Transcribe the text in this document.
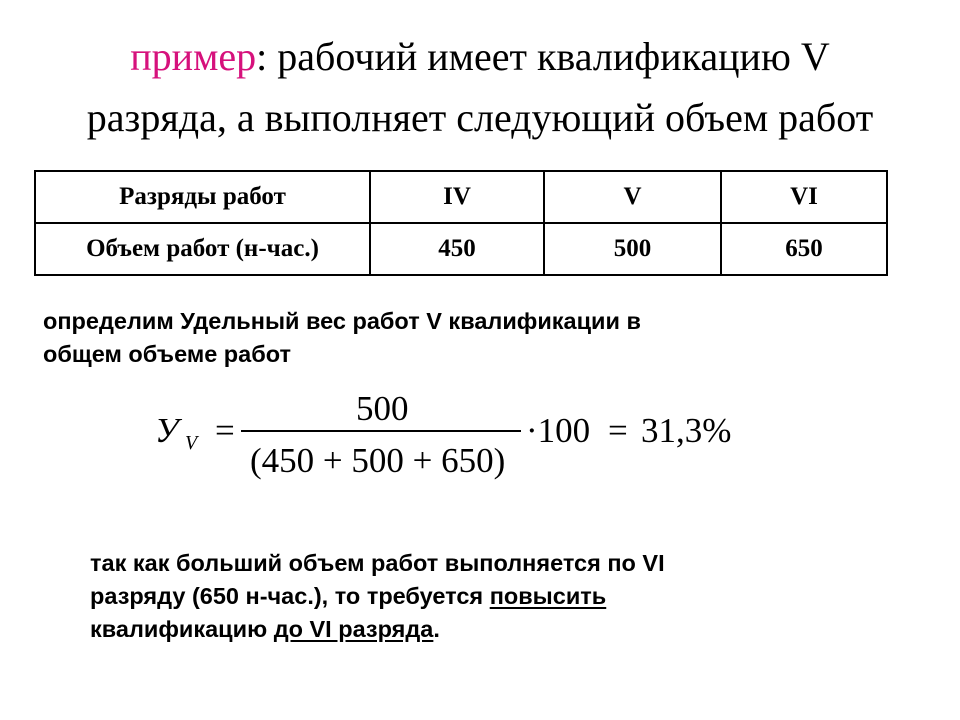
пример: рабочий имеет квалификацию V
разряда, а выполняет следующий объем работ
Разряды работ	IV	V	VI
Объем работ (н-час.)	450	500	650
определим Удельный вес работ V квалификации в
общем объеме работ
У V =
500
(450 + 500 + 650)
·100 = 31,3%
так как больший объем работ выполняется по VI
разряду (650 н-час.), то требуется повысить
квалификацию до VI разряда.
